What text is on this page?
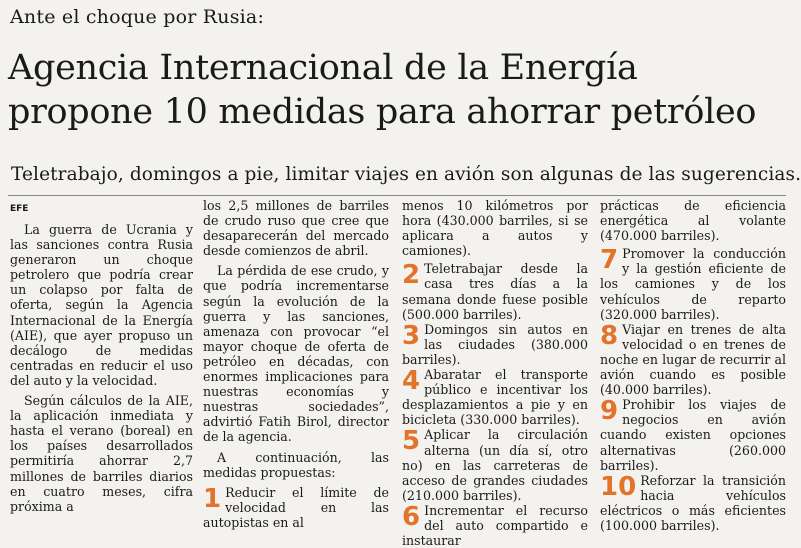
Ante el choque por Rusia:
Agencia Internacional de la Energía
propone 10 medidas para ahorrar petróleo
Teletrabajo, domingos a pie, limitar viajes en avión son algunas de las sugerencias.
EFE

La guerra de Ucrania y las sanciones contra Rusia generaron un choque petrolero que podría crear un colapso por falta de oferta, según la Agencia Internacional de la Energía (AIE), que ayer propuso un decálogo de medidas centradas en reducir el uso del auto y la velocidad.

Según cálculos de la AIE, la aplicación inmediata y hasta el verano (boreal) en los países desarrollados permitiría ahorrar 2,7 millones de barriles diarios en cuatro meses, cifra próxima a

los 2,5 millones de barriles de crudo ruso que cree que desaparecerán del mercado desde comienzos de abril.

La pérdida de ese crudo, y que podría incrementarse según la evolución de la guerra y las sanciones, amenaza con provocar “el mayor choque de oferta de petróleo en décadas, con enormes implicaciones para nuestras economías y nuestras sociedades”, advirtió Fatih Birol, director de la agencia.

A continuación, las medidas propuestas:

1 Reducir el límite de velocidad en las autopistas en al

menos 10 kilómetros por hora (430.000 barriles, si se aplicara a autos y camiones).

2 Teletrabajar desde la casa tres días a la semana donde fuese posible (500.000 barriles).
3 Domingos sin autos en las ciudades (380.000 barriles).
4 Abaratar el transporte público e incentivar los desplazamientos a pie y en bicicleta (330.000 barriles).
5 Aplicar la circulación alterna (un día sí, otro no) en las carreteras de acceso de grandes ciudades (210.000 barriles).
6 Incrementar el recurso del auto compartido e instaurar

prácticas de eficiencia energética al volante (470.000 barriles).

7 Promover la conducción y la gestión eficiente de los camiones y de los vehículos de reparto (320.000 barriles).
8 Viajar en trenes de alta velocidad o en trenes de noche en lugar de recurrir al avión cuando es posible (40.000 barriles).
9 Prohibir los viajes de negocios en avión cuando existen opciones alternativas (260.000 barriles).
10 Reforzar la transición hacia vehículos eléctricos o más eficientes (100.000 barriles).
